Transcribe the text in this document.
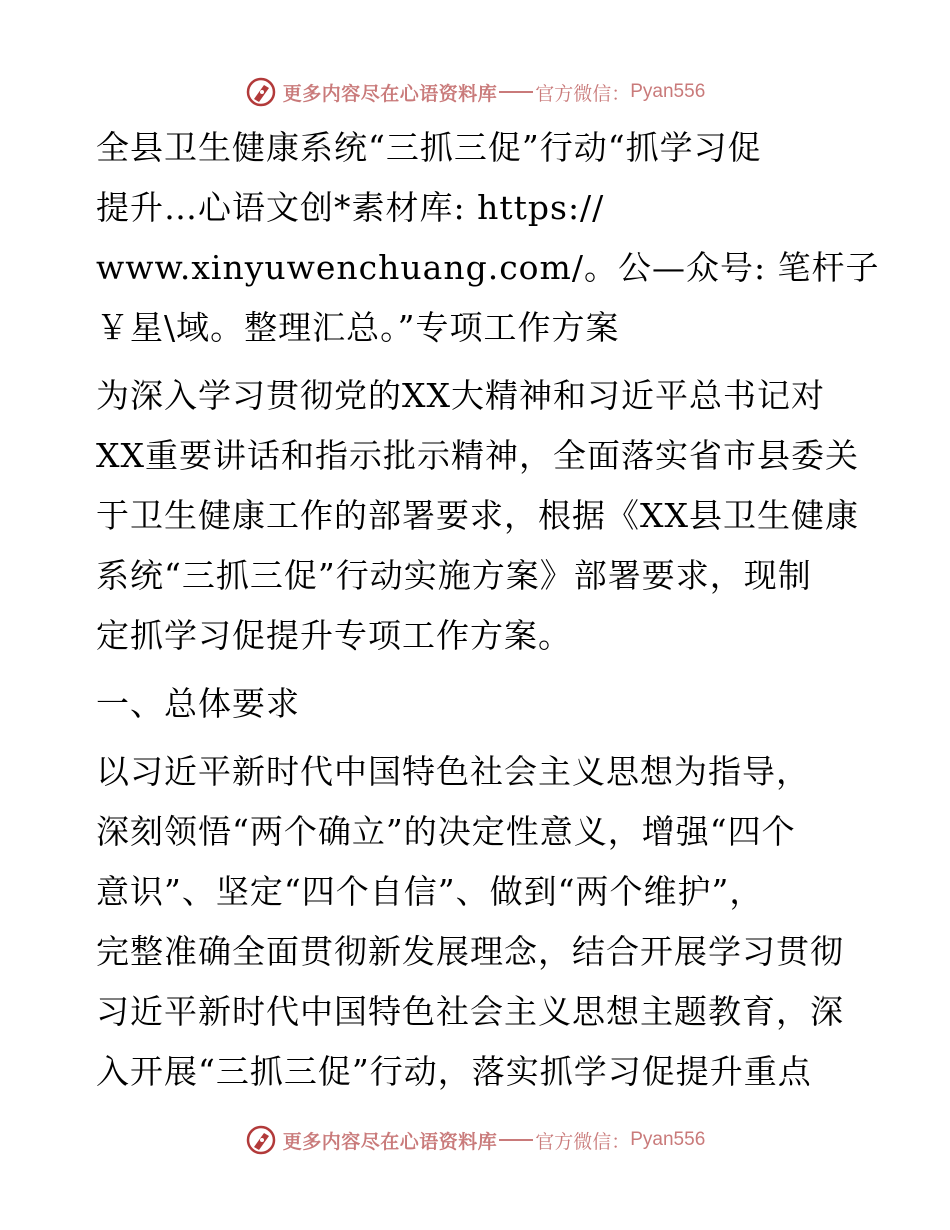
更多内容尽在心语资料库 官方微信： Pyan556

全县卫生健康系统“三抓三促”行动“抓学习促
提升…心语文创*素材库: https://
www.xinyuwenchuang.com/。公—众号: 笔杆子
￥星\域。整理汇总。”专项工作方案

为深入学习贯彻党的XX大精神和习近平总书记对
XX重要讲话和指示批示精神，全面落实省市县委关
于卫生健康工作的部署要求，根据《XX县卫生健康
系统“三抓三促”行动实施方案》部署要求，现制
定抓学习促提升专项工作方案。

一、总体要求

以习近平新时代中国特色社会主义思想为指导，
深刻领悟“两个确立”的决定性意义，增强“四个
意识”、坚定“四个自信”、做到“两个维护”，
完整准确全面贯彻新发展理念，结合开展学习贯彻
习近平新时代中国特色社会主义思想主题教育，深
入开展“三抓三促”行动，落实抓学习促提升重点

更多内容尽在心语资料库 官方微信： Pyan556
